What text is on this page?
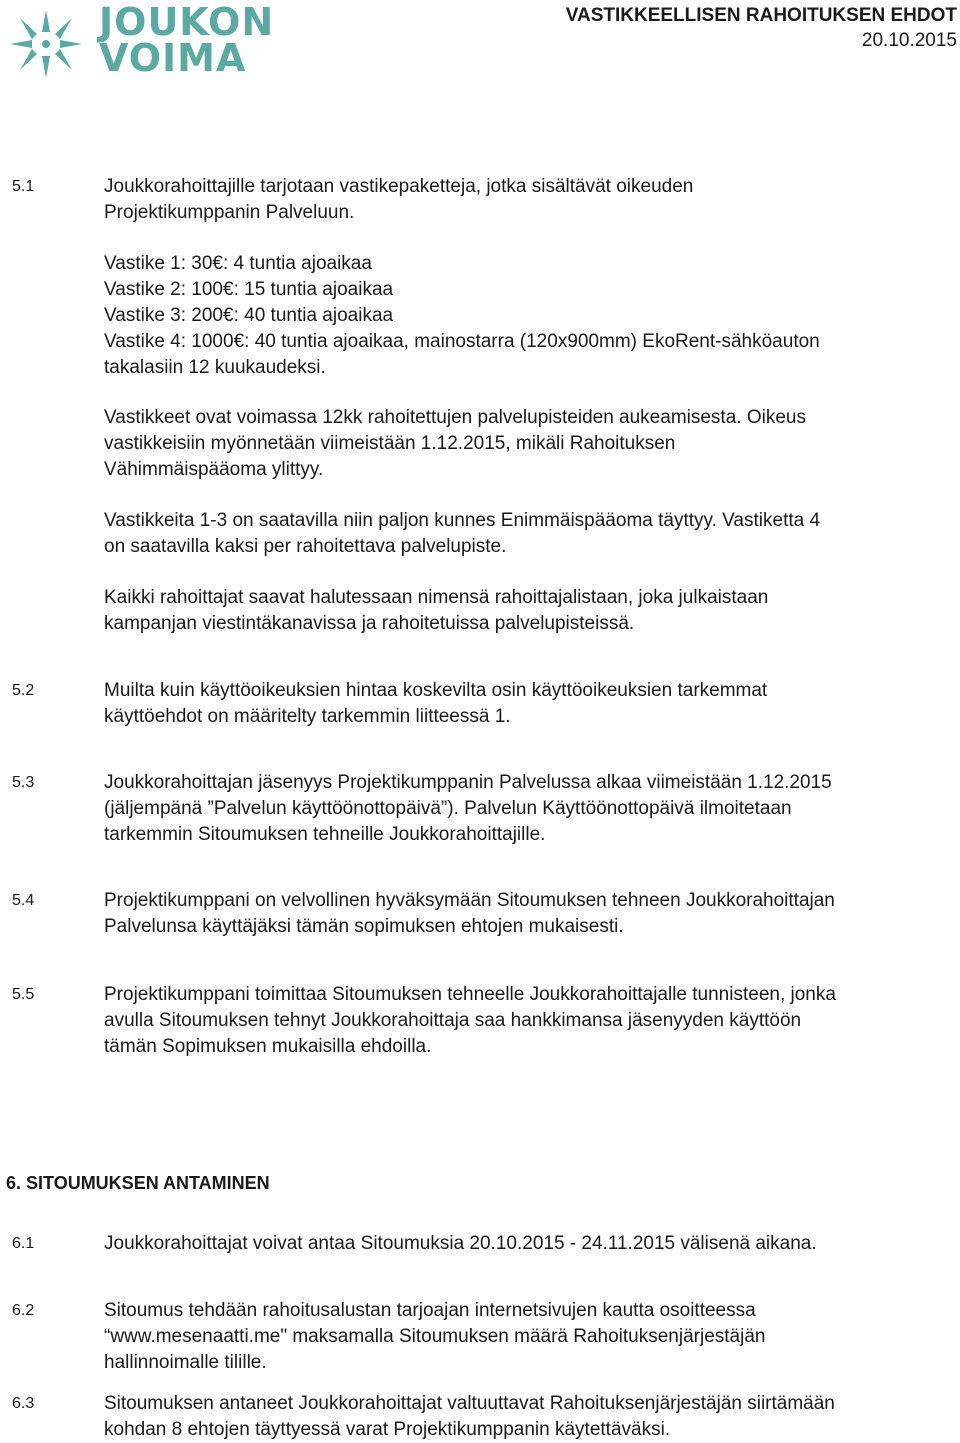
JOUKON
VOIMA
VASTIKKEELLISEN RAHOITUKSEN EHDOT
20.10.2015
5.1	Joukkorahoittajille tarjotaan vastikepaketteja, jotka sisältävät oikeuden
Projektikumppanin Palveluun.
Vastike 1: 30€: 4 tuntia ajoaikaa
Vastike 2: 100€: 15 tuntia ajoaikaa
Vastike 3: 200€: 40 tuntia ajoaikaa
Vastike 4: 1000€: 40 tuntia ajoaikaa, mainostarra (120x900mm) EkoRent-sähköauton
takalasiin 12 kuukaudeksi.
Vastikkeet ovat voimassa 12kk rahoitettujen palvelupisteiden aukeamisesta. Oikeus
vastikkeisiin myönnetään viimeistään 1.12.2015, mikäli Rahoituksen
Vähimmäispääoma ylittyy.
Vastikkeita 1-3 on saatavilla niin paljon kunnes Enimmäispääoma täyttyy. Vastiketta 4
on saatavilla kaksi per rahoitettava palvelupiste.
Kaikki rahoittajat saavat halutessaan nimensä rahoittajalistaan, joka julkaistaan
kampanjan viestintäkanavissa ja rahoitetuissa palvelupisteissä.
5.2	Muilta kuin käyttöoikeuksien hintaa koskevilta osin käyttöoikeuksien tarkemmat
käyttöehdot on määritelty tarkemmin liitteessä 1.
5.3	Joukkorahoittajan jäsenyys Projektikumppanin Palvelussa alkaa viimeistään 1.12.2015
(jäljempänä ”Palvelun käyttöönottopäivä”). Palvelun Käyttöönottopäivä ilmoitetaan
tarkemmin Sitoumuksen tehneille Joukkorahoittajille.
5.4	Projektikumppani on velvollinen hyväksymään Sitoumuksen tehneen Joukkorahoittajan
Palvelunsa käyttäjäksi tämän sopimuksen ehtojen mukaisesti.
5.5	Projektikumppani toimittaa Sitoumuksen tehneelle Joukkorahoittajalle tunnisteen, jonka
avulla Sitoumuksen tehnyt Joukkorahoittaja saa hankkimansa jäsenyyden käyttöön
tämän Sopimuksen mukaisilla ehdoilla.
6. SITOUMUKSEN ANTAMINEN
6.1	Joukkorahoittajat voivat antaa Sitoumuksia 20.10.2015 - 24.11.2015 välisenä aikana.
6.2	Sitoumus tehdään rahoitusalustan tarjoajan internetsivujen kautta osoitteessa
“www.mesenaatti.me" maksamalla Sitoumuksen määrä Rahoituksenjärjestäjän
hallinnoimalle tilille.
6.3	Sitoumuksen antaneet Joukkorahoittajat valtuuttavat Rahoituksenjärjestäjän siirtämään
kohdan 8 ehtojen täyttyessä varat Projektikumppanin käytettäväksi.
